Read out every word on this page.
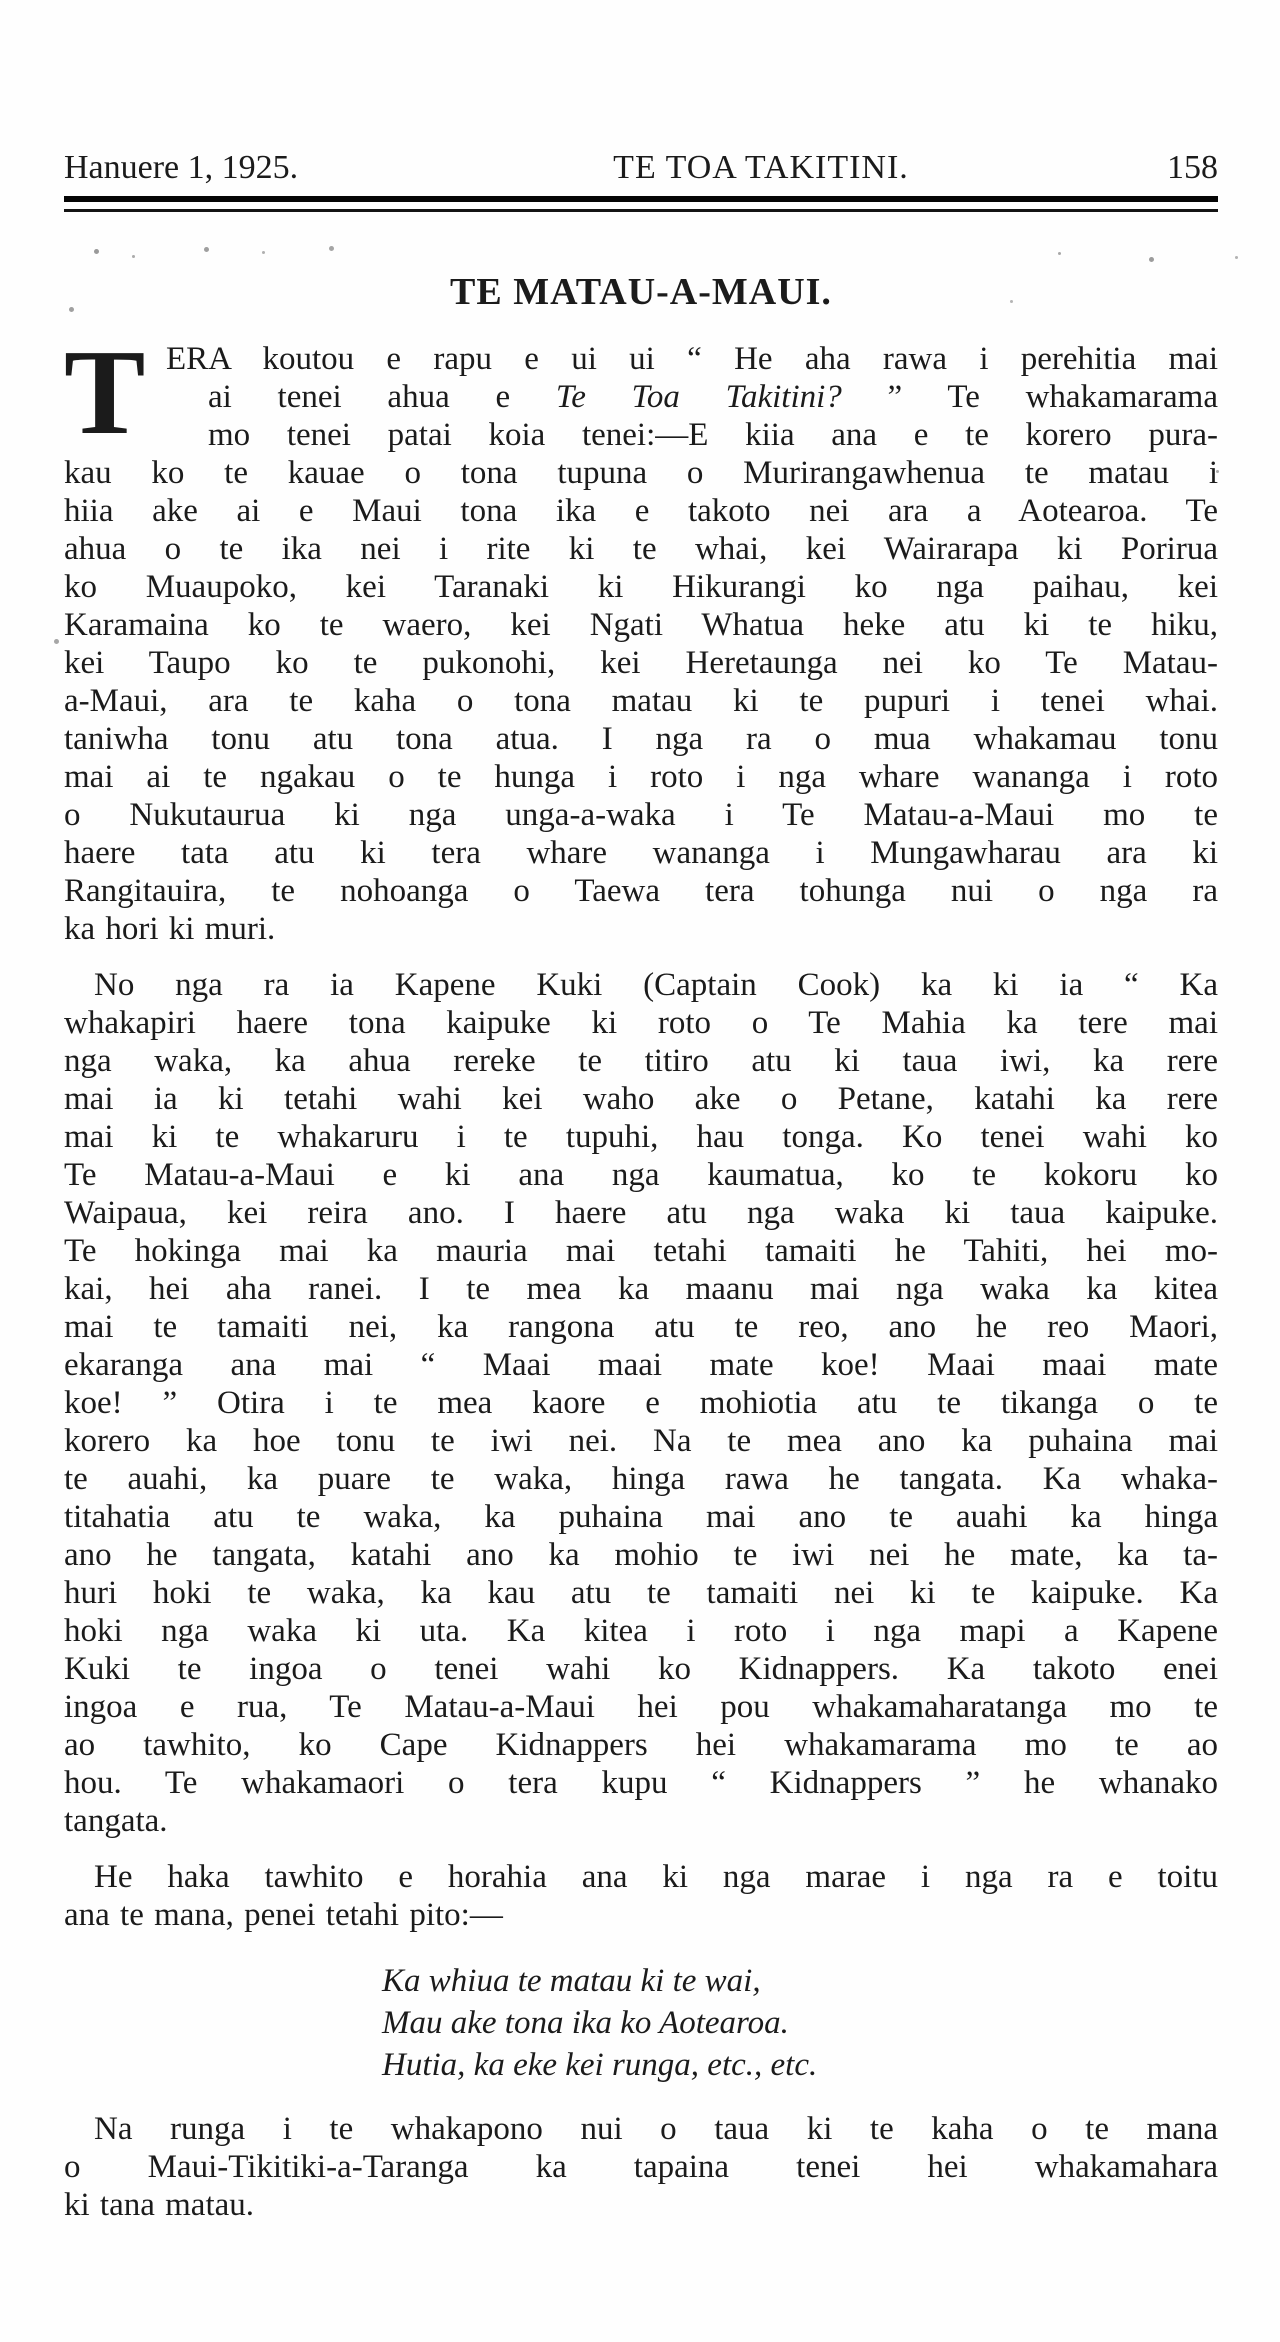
Hanuere 1, 1925.	TE TOA TAKITINI.	158
TE MATAU-A-MAUI.
T ERA koutou e rapu e ui ui “ He aha rawa i perehitia mai
ai tenei ahua e Te Toa Takitini? ” Te whakamarama
mo tenei patai koia tenei:—E kiia ana e te korero pura-
kau ko te kauae o tona tupuna o Murirangawhenua te matau i
hiia ake ai e Maui tona ika e takoto nei ara a Aotearoa. Te
ahua o te ika nei i rite ki te whai, kei Wairarapa ki Porirua
ko Muaupoko, kei Taranaki ki Hikurangi ko nga paihau, kei
Karamaina ko te waero, kei Ngati Whatua heke atu ki te hiku,
kei Taupo ko te pukonohi, kei Heretaunga nei ko Te Matau-
a-Maui, ara te kaha o tona matau ki te pupuri i tenei whai.
taniwha tonu atu tona atua. I nga ra o mua whakamau tonu
mai ai te ngakau o te hunga i roto i nga whare wananga i roto
o Nukutaurua ki nga unga-a-waka i Te Matau-a-Maui mo te
haere tata atu ki tera whare wananga i Mungawharau ara ki
Rangitauira, te nohoanga o Taewa tera tohunga nui o nga ra
ka hori ki muri.
No nga ra ia Kapene Kuki (Captain Cook) ka ki ia “ Ka
whakapiri haere tona kaipuke ki roto o Te Mahia ka tere mai
nga waka, ka ahua rereke te titiro atu ki taua iwi, ka rere
mai ia ki tetahi wahi kei waho ake o Petane, katahi ka rere
mai ki te whakaruru i te tupuhi, hau tonga. Ko tenei wahi ko
Te Matau-a-Maui e ki ana nga kaumatua, ko te kokoru ko
Waipaua, kei reira ano. I haere atu nga waka ki taua kaipuke.
Te hokinga mai ka mauria mai tetahi tamaiti he Tahiti, hei mo-
kai, hei aha ranei. I te mea ka maanu mai nga waka ka kitea
mai te tamaiti nei, ka rangona atu te reo, ano he reo Maori,
ekaranga ana mai “ Maai maai mate koe! Maai maai mate
koe! ” Otira i te mea kaore e mohiotia atu te tikanga o te
korero ka hoe tonu te iwi nei. Na te mea ano ka puhaina mai
te auahi, ka puare te waka, hinga rawa he tangata. Ka whaka-
titahatia atu te waka, ka puhaina mai ano te auahi ka hinga
ano he tangata, katahi ano ka mohio te iwi nei he mate, ka ta-
huri hoki te waka, ka kau atu te tamaiti nei ki te kaipuke. Ka
hoki nga waka ki uta. Ka kitea i roto i nga mapi a Kapene
Kuki te ingoa o tenei wahi ko Kidnappers. Ka takoto enei
ingoa e rua, Te Matau-a-Maui hei pou whakamaharatanga mo te
ao tawhito, ko Cape Kidnappers hei whakamarama mo te ao
hou. Te whakamaori o tera kupu “ Kidnappers ” he whanako
tangata.
He haka tawhito e horahia ana ki nga marae i nga ra e toitu
ana te mana, penei tetahi pito:—
Ka whiua te matau ki te wai,
Mau ake tona ika ko Aotearoa.
Hutia, ka eke kei runga, etc., etc.
Na runga i te whakapono nui o taua ki te kaha o te mana
o Maui-Tikitiki-a-Taranga ka tapaina tenei hei whakamahara
ki tana matau.
